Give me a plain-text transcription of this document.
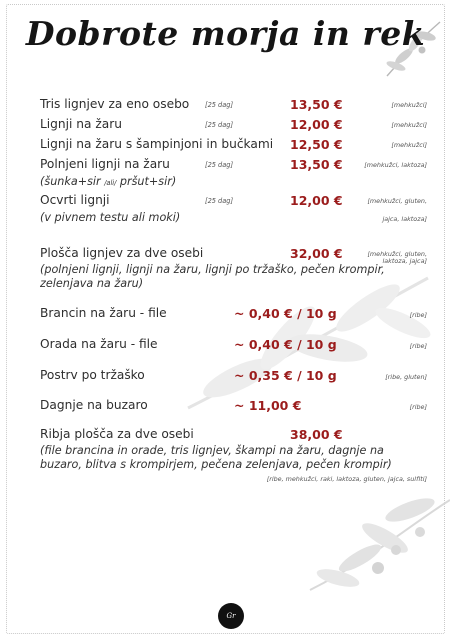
Dobrote morja in rek
Tris lignjev za eno osebo [25 dag]	13,50 €	[mehkužci]
Lignji na žaru	[25 dag]	12,00 €	[mehkužci]
Lignji na žaru s šampinjoni in bučkami 12,50 €	[mehkužci]
Polnjeni lignji na žaru	[25 dag]	13,50 €	[mehkužci, laktoza]
(šunka+sir /ali/ pršut+sir)
Ocvrti lignji	[25 dag]	12,00 €	[mehkužci, gluten,
(v pivnem testu ali moki)	jajca, laktoza]
Plošča lignjev za dve osebi	32,00 €	[mehkužci, gluten,
laktoza, jajca]
(polnjeni lignji, lignji na žaru, lignji po tržaško, pečen krompir, zelenjava na žaru)
Brancin na žaru - file	~ 0,40 € / 10 g	[ribe]
Orada na žaru - file	~ 0,40 € / 10 g	[ribe]
Postrv po tržaško	~ 0,35 € / 10 g	[ribe, gluten]
Dagnje na buzaro	~ 11,00 €	[ribe]
Ribja plošča za dve osebi	38,00 €
(file brancina in orade, tris lignjev, škampi na žaru, dagnje na buzaro, blitva s krompirjem, pečena zelenjava, pečen krompir)
[ribe, mehkužci, raki, laktoza, gluten, jajca, sulfiti]
Gr
